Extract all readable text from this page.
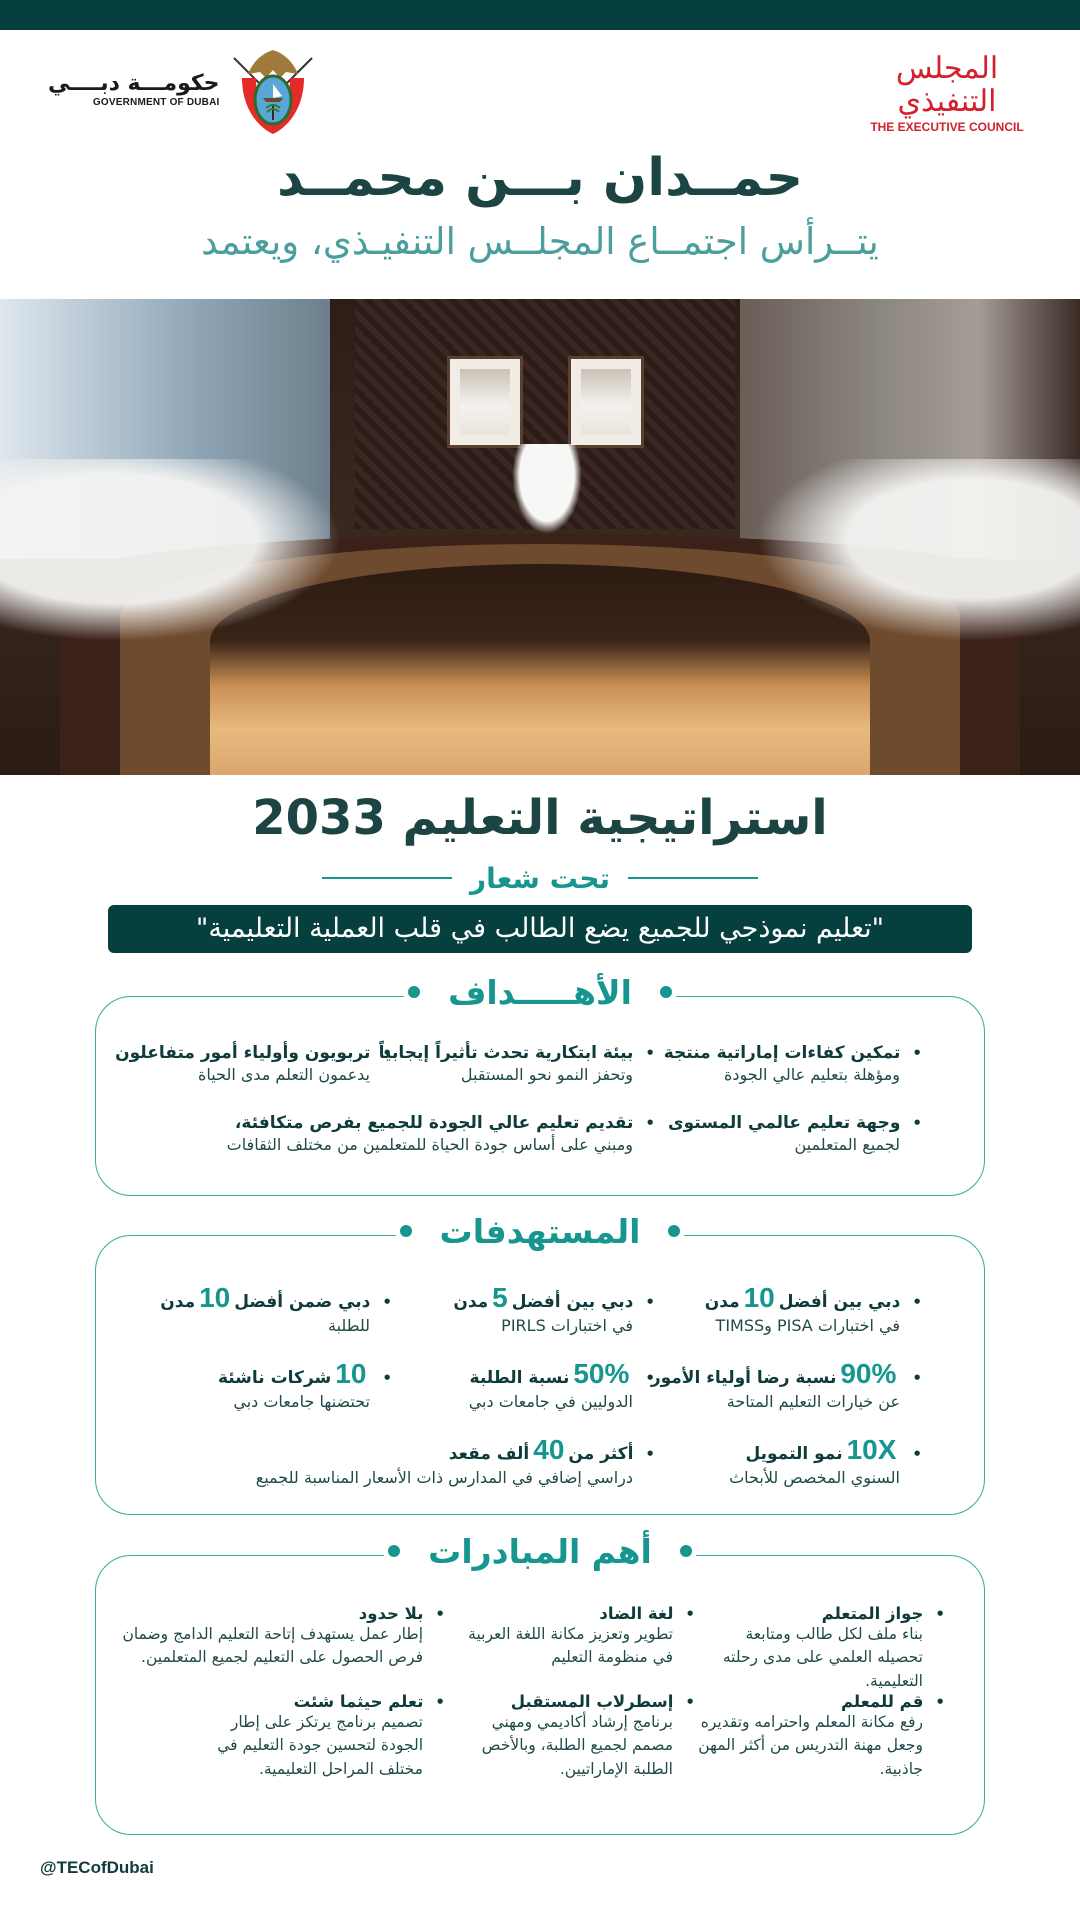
حكومـــة دبــــي
GOVERNMENT OF DUBAI
المجلس التنفيذي
THE EXECUTIVE COUNCIL
حمــدان بـــن محمــد
يتــرأس اجتمــاع المجلــس التنفيـذي، ويعتمد
استراتيجية التعليم 2033
تحت شعار
"تعليم نموذجي للجميع يضع الطالب في قلب العملية التعليمية"
الأهـــــداف
• تمكين كفاءات إماراتية منتجة
ومؤهلة بتعليم عالي الجودة
• بيئة ابتكارية تحدث تأثيراً إيجابياً
وتحفز النمو نحو المستقبل
• تربويون وأولياء أمور متفاعلون
يدعمون التعلم مدى الحياة
• وجهة تعليم عالمي المستوى
لجميع المتعلمين
• تقديم تعليم عالي الجودة للجميع بفرص متكافئة،
ومبني على أساس جودة الحياة للمتعلمين من مختلف الثقافات
المستهدفات
• دبي بين أفضل10مدن
في اختبارات PISA وTIMSS
• دبي بين أفضل5مدن
في اختبارات PIRLS
• دبي ضمن أفضل10مدن
للطلبة
• 90%نسبة رضا أولياء الأمور
عن خيارات التعليم المتاحة
• 50%نسبة الطلبة
الدوليين في جامعات دبي
• 10شركات ناشئة
تحتضنها جامعات دبي
• 10Xنمو التمويل
السنوي المخصص للأبحاث
• أكثر من40ألف مقعد
دراسي إضافي في المدارس ذات الأسعار المناسبة للجميع
أهم المبادرات
• جواز المتعلم
بناء ملف لكل طالب ومتابعة تحصيله العلمي على مدى رحلته التعليمية.
• لغة الضاد
تطوير وتعزيز مكانة اللغة العربية في منظومة التعليم
• بلا حدود
إطار عمل يستهدف إتاحة التعليم الدامج وضمان فرص الحصول على التعليم لجميع المتعلمين.
• قم للمعلم
رفع مكانة المعلم واحترامه وتقديره وجعل مهنة التدريس من أكثر المهن جاذبية.
• إسطرلاب المستقبل
برنامج إرشاد أكاديمي ومهني مصمم لجميع الطلبة، وبالأخص الطلبة الإماراتيين.
• تعلم حيثما شئت
تصميم برنامج يرتكز على إطار الجودة لتحسين جودة التعليم في مختلف المراحل التعليمية.
@TECofDubai
